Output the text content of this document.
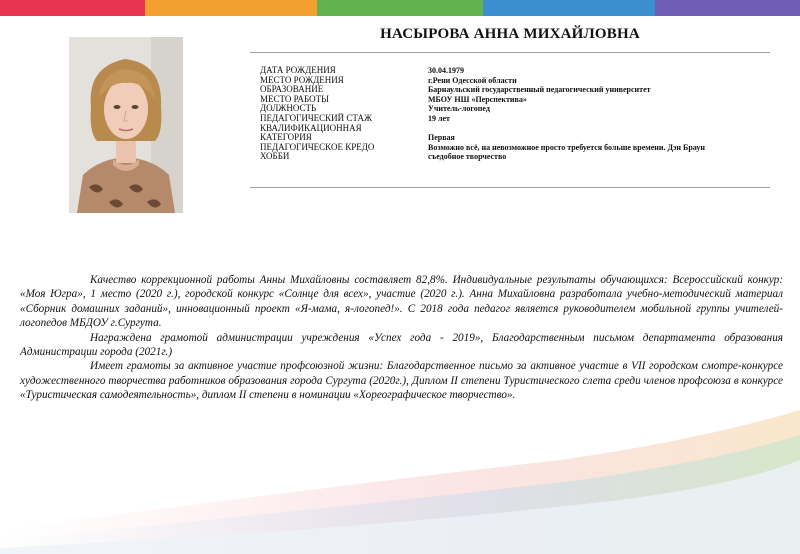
НАСЫРОВА АННА МИХАЙЛОВНА
ДАТА РОЖДЕНИЯ	30.04.1979
МЕСТО РОЖДЕНИЯ	г.Рени Одесской области
ОБРАЗОВАНИЕ	Барнаульский государственный педагогический университет
МЕСТО РАБОТЫ	МБОУ НШ «Перспектива»
ДОЛЖНОСТЬ	Учитель-логопед
ПЕДАГОГИЧЕСКИЙ СТАЖ	19 лет
КВАЛИФИКАЦИОННАЯ
КАТЕГОРИЯ	Первая
ПЕДАГОГИЧЕСКОЕ КРЕДО	Возможно всё, на невозможное просто требуется больше времени. Дэн Браун
ХОББИ	съедобное творчество

Качество коррекционной работы Анны Михайловны составляет 82,8%. Индивидуальные результаты обучающихся: Всероссийский конкур: «Моя Югра», 1 место (2020 г.), городской конкурс «Солнце для всех», участие (2020 г.). Анна Михайловна разработала учебно-методический материал «Сборник домашних заданий», инновационный проект «Я-мама, я-логопед!». С 2018 года педагог является руководителем мобильной группы учителей-логопедов МБДОУ г.Сургута.

Награждена грамотой администрации учреждения «Успех года - 2019», Благодарственным письмом департамента образования Администрации города (2021г.)

Имеет грамоты за активное участие профсоюзной жизни: Благодарственное письмо за активное участие в VII городском смотре-конкурсе художественного творчества работников образования города Сургута (2020г.), Диплом II степени Туристического слета среди членов профсоюза в конкурсе «Туристическая самодеятельность», диплом II степени в номинации «Хореографическое творчество».
